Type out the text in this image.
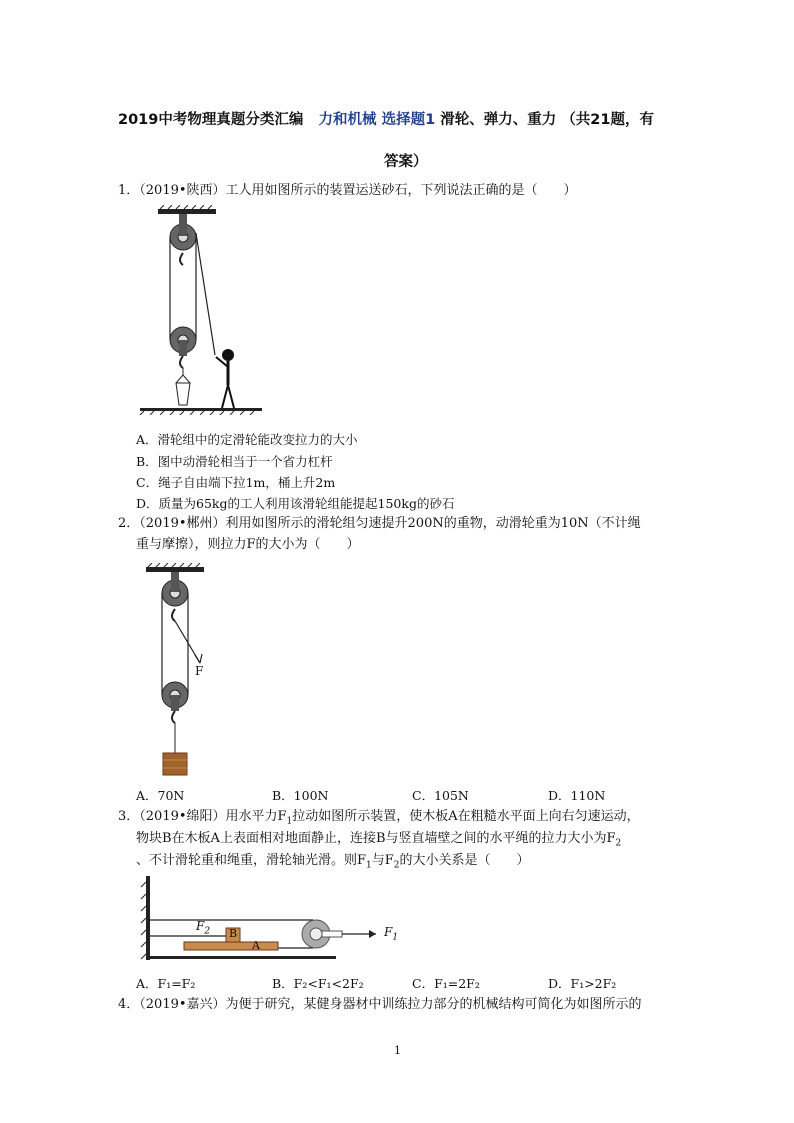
2019中考物理真题分类汇编 力和机械 选择题1 滑轮、弹力、重力 （共21题，有
答案）
1．（2019•陕西）工人用如图所示的装置运送砂石，下列说法正确的是（　　）
A．滑轮组中的定滑轮能改变拉力的大小
B．图中动滑轮相当于一个省力杠杆
C．绳子自由端下拉1m，桶上升2m
D．质量为65kg的工人利用该滑轮组能提起150kg的砂石
2．（2019•郴州）利用如图所示的滑轮组匀速提升200N的重物，动滑轮重为10N（不计绳
重与摩擦），则拉力F的大小为（　　）
F
A．70N	B．100N	C．105N	D．110N
3．（2019•绵阳）用水平力$F_1$拉动如图所示装置，使木板A在粗糙水平面上向右匀速运动，
物块B在木板A上表面相对地面静止，连接B与竖直墙壁之间的水平绳的拉力大小为$F_2$
、不计滑轮重和绳重，滑轮轴光滑。则$F_1$与$F_2$的大小关系是（　　）
$F_2$ B
A
$F_1$
A．F₁=F₂	B．F₂<F₁<2F₂	C．F₁=2F₂	D．F₁>2F₂
4．（2019•嘉兴）为便于研究，某健身器材中训练拉力部分的机械结构可简化为如图所示的
1
